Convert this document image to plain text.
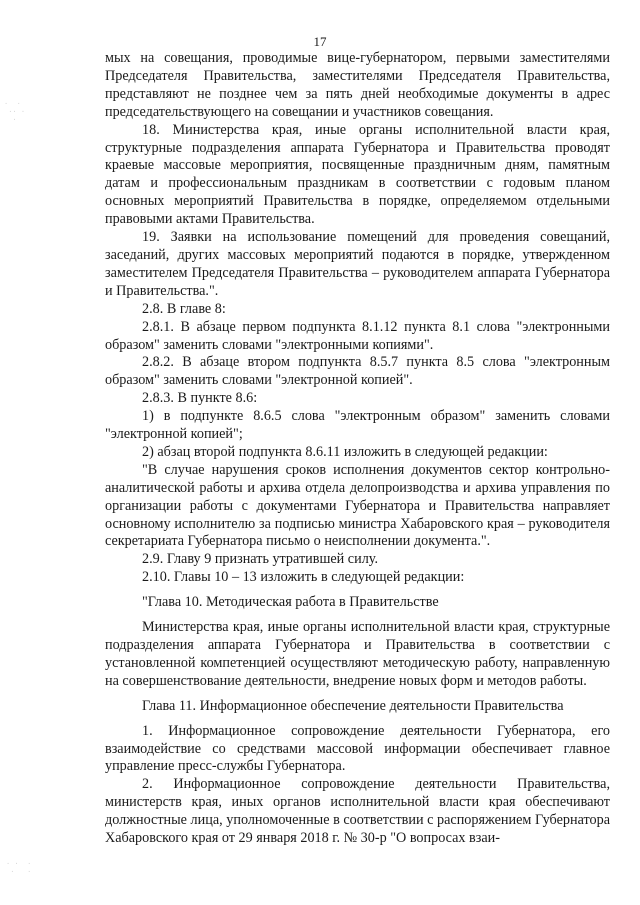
·  ·
·· ·
·
· ·  ·
·   ·
17

мых на совещания, проводимые вице-губернатором, первыми заместителями Председателя Правительства, заместителями Председателя Правительства, представляют не позднее чем за пять дней необходимые документы в адрес председательствующего на совещании и участников совещания.

18. Министерства края, иные органы исполнительной власти края, структурные подразделения аппарата Губернатора и Правительства проводят краевые массовые мероприятия, посвященные праздничным дням, памятным датам и профессиональным праздникам в соответствии с годовым планом основных мероприятий Правительства в порядке, определяемом отдельными правовыми актами Правительства.

19. Заявки на использование помещений для проведения совещаний, заседаний, других массовых мероприятий подаются в порядке, утвержденном заместителем Председателя Правительства – руководителем аппарата Губернатора и Правительства.".

2.8. В главе 8:

2.8.1. В абзаце первом подпункта 8.1.12 пункта 8.1 слова "электронными образом" заменить словами "электронными копиями".

2.8.2. В абзаце втором подпункта 8.5.7 пункта 8.5 слова "электронным образом" заменить словами "электронной копией".

2.8.3. В пункте 8.6:

1) в подпункте 8.6.5 слова "электронным образом" заменить словами "электронной копией";

2) абзац второй подпункта 8.6.11 изложить в следующей редакции:

"В случае нарушения сроков исполнения документов сектор контрольно-аналитической работы и архива отдела делопроизводства и архива управления по организации работы с документами Губернатора и Правительства направляет основному исполнителю за подписью министра Хабаровского края – руководителя секретариата Губернатора письмо о неисполнении документа.".

2.9. Главу 9 признать утратившей силу.

2.10. Главы 10 – 13 изложить в следующей редакции:

"Глава 10. Методическая работа в Правительстве

Министерства края, иные органы исполнительной власти края, структурные подразделения аппарата Губернатора и Правительства в соответствии с установленной компетенцией осуществляют методическую работу, направленную на совершенствование деятельности, внедрение новых форм и методов работы.

Глава 11. Информационное обеспечение деятельности Правительства

1. Информационное сопровождение деятельности Губернатора, его взаимодействие со средствами массовой информации обеспечивает главное управление пресс-службы Губернатора.

2. Информационное сопровождение деятельности Правительства, министерств края, иных органов исполнительной власти края обеспечивают должностные лица, уполномоченные в соответствии с распоряжением Губернатора Хабаровского края от 29 января 2018 г. № 30-р "О вопросах взаи-
